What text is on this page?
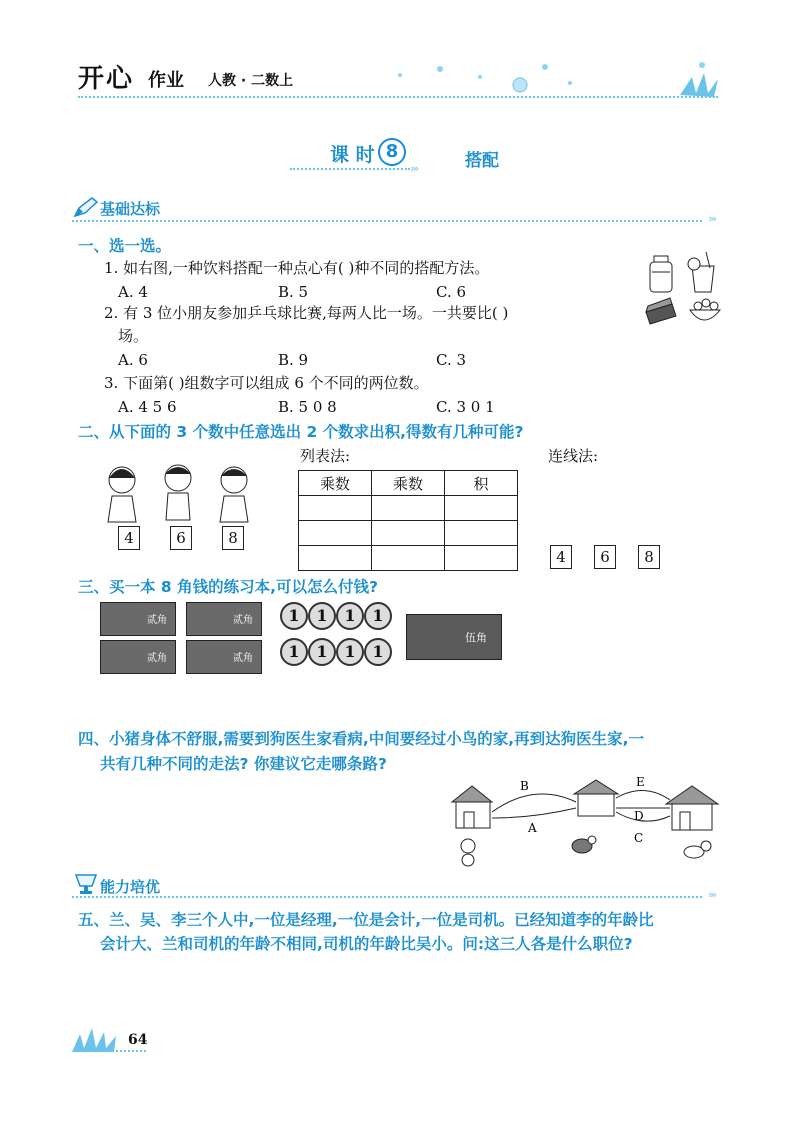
开心 作业 人教 · 二数上
课 时 8	搭配
›››
基础达标
›››
一、选一选。
1. 如右图,一种饮料搭配一种点心有( )种不同的搭配方法。
A. 4	B. 5	C. 6
2. 有 3 位小朋友参加乒乓球比赛,每两人比一场。一共要比( )
场。
A. 6	B. 9	C. 3
3. 下面第( )组数字可以组成 6 个不同的两位数。
A. 4 5 6	B. 5 0 8	C. 3 0 1
二、从下面的 3 个数中任意选出 2 个数求出积,得数有几种可能?
4	6	8
列表法:
乘数	乘数	积

连线法:
4	6	8
三、买一本 8 角钱的练习本,可以怎么付钱?
贰角	贰角
贰角	贰角
1	1	1	1
1	1	1	1
伍角
四、小猪身体不舒服,需要到狗医生家看病,中间要经过小鸟的家,再到达狗医生家,一
共有几种不同的走法? 你建议它走哪条路?
B
A
E
D
C
能力培优	›››
五、兰、吴、李三个人中,一位是经理,一位是会计,一位是司机。已经知道李的年龄比
会计大、兰和司机的年龄不相同,司机的年龄比吴小。问:这三人各是什么职位?
64
